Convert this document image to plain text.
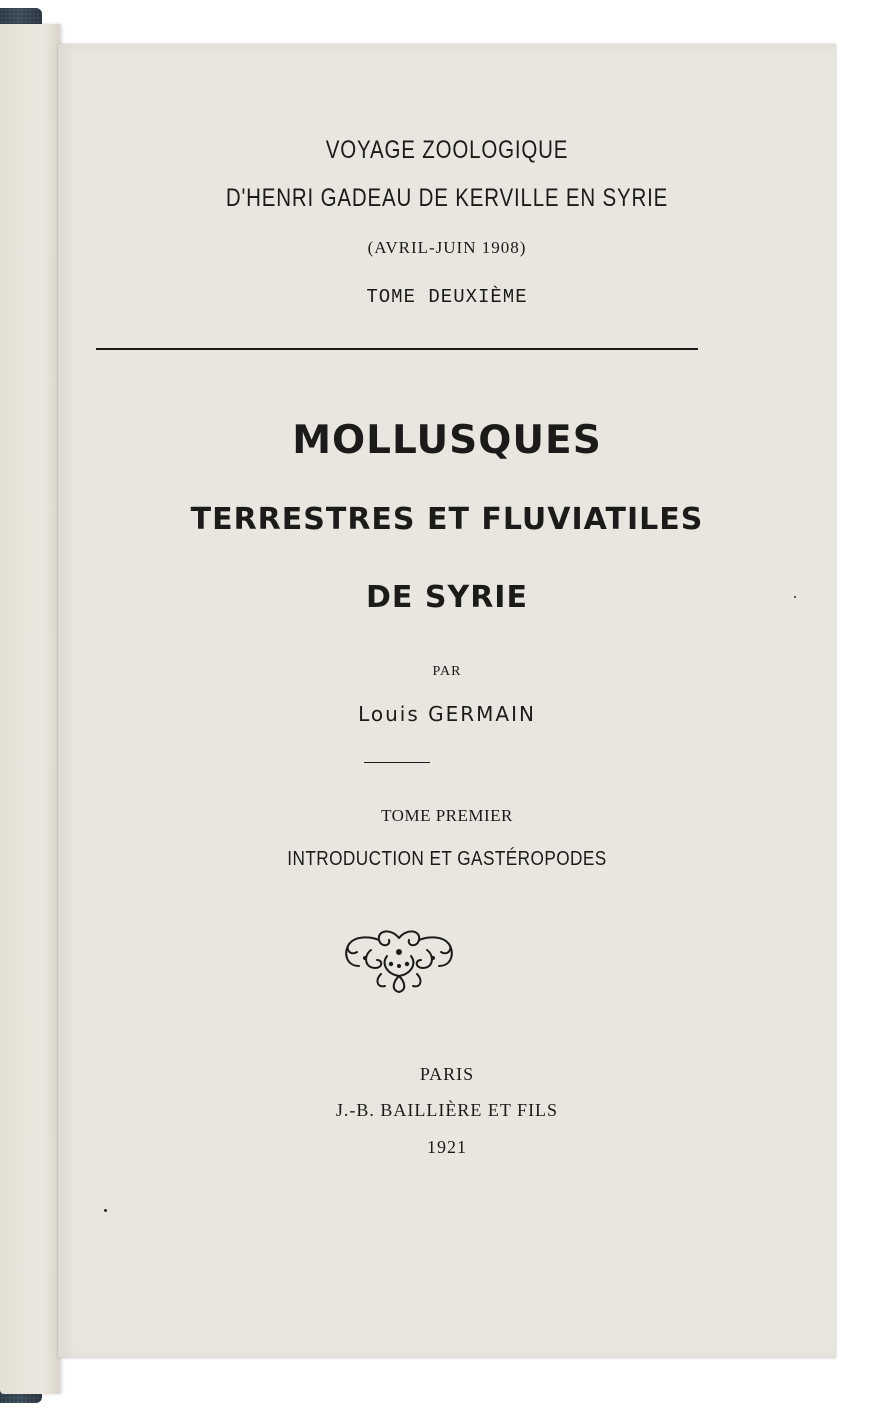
VOYAGE ZOOLOGIQUE
D'HENRI GADEAU DE KERVILLE EN SYRIE
(AVRIL-JUIN 1908)
TOME DEUXIÈME
MOLLUSQUES
TERRESTRES ET FLUVIATILES
DE SYRIE
PAR
Louis GERMAIN
TOME PREMIER
INTRODUCTION ET GASTÉROPODES
PARIS
J.-B. BAILLIÈRE ET FILS
1921
